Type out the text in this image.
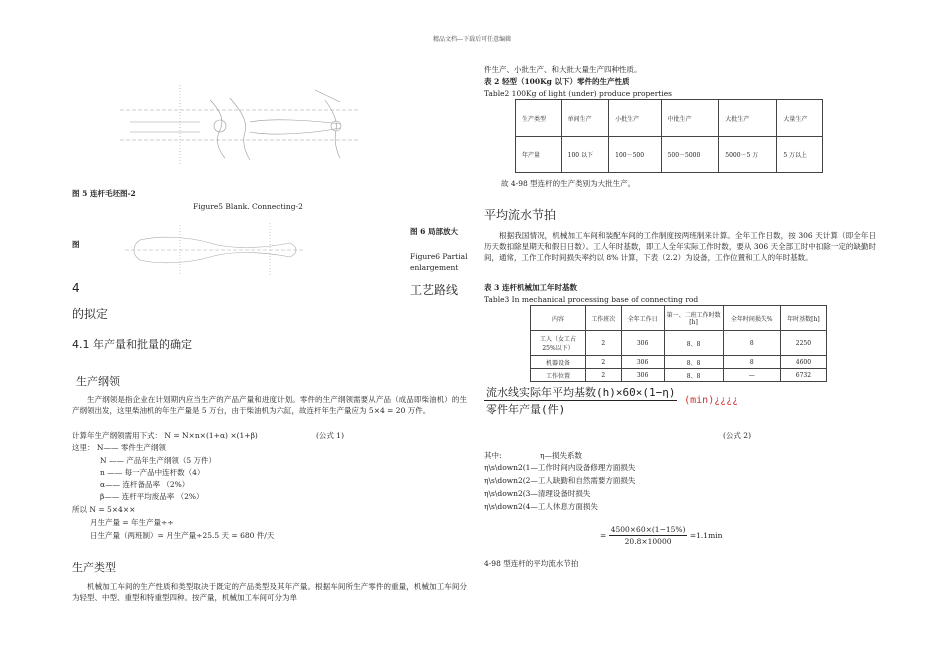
精品文档---下载后可任意编辑
图 5 连杆毛坯图-2
Figure5 Blank. Connecting-2
图 6 局部放大
图
Figure6 Partial enlargement
4	工艺路线
的拟定
4.1 年产量和批量的确定
生产纲领

生产纲领是指企业在计划期内应当生产的产品产量和进度计划。零件的生产纲领需要从产品（成品即柴油机）的生产纲领出发，这里柴油机的年生产量是 5 万台，由于柴油机为六缸，故连杆年生产量应为 5×4 = 20 万件。

计算年生产纲领需用下式： N = N×n×(1+α) ×(1+β)	(公式 1)
这里： N—— 零件生产纲领
N —— 产品年生产纲领（5 万件）
n —— 每一产品中连杆数（4）
α—— 连杆备品率 （2%）
β—— 连杆平均废品率 （2%）
所以 N = 5×4××
月生产量 = 年生产量÷÷
日生产量（两班制）= 月生产量÷25.5 天 = 680 件/天
生产类型

机械加工车间的生产性质和类型取决于既定的产品类型及其年产量。根据车间所生产零件的重量，机械加工车间分为轻型、中型、重型和特重型四种。按产量，机械加工车间可分为单

件生产、小批生产、和大批大量生产四种性质。
表 2 轻型（100Kg 以下）零件的生产性质
Table2 100Kg of light (under) produce properties
生产类型	单间生产	小批生产	中批生产	大批生产	大量生产
年产量	100 以下	100－500	500－5000	5000－5 万	5 万以上
故 4-98 型连杆的生产类别为大批生产。
平均流水节拍

根据我国情况，机械加工车间和装配车间的工作制度按两班制来计算。全年工作日数，按 306 天计算（即全年日历天数扣除星期天和假日日数）。工人年时基数，即工人全年实际工作时数，要从 306 天全部工时中扣除一定的缺勤时间，通常，工作工作时间损失率约以 8% 计算，下表（2.2）为设备，工作位置和工人的年时基数。

表 3 连杆机械加工年时基数
Table3 In mechanical processing base of connecting rod
内容	工作班次	全年工作日	第一、二班工作时数[h]	全年时间损失%	年时基数[h]
工人（女工占 25%以下）	2	306	8、8	8	2250
机器设备	2	306	8、8	8	4600
工作位置	2	306	8、8	—	6732
$\frac{\text{流水线实际年平均基数(h)×60×(1−η)}}{\text{零件年产量(件)}}$ (min)¿¿¿¿
(公式 2)
其中:	η—损失系数
η\s\down2(1—工作时间内设备修理方面损失
η\s\down2(2—工人缺勤和自然需要方面损失
η\s\down2(3—清理设备时损失
η\s\down2(4—工人休息方面损失
= $\frac{4500\times 60\times(1-15\%)}{20.8\times 10000} =1.1\min$
4-98 型连杆的平均流水节拍
